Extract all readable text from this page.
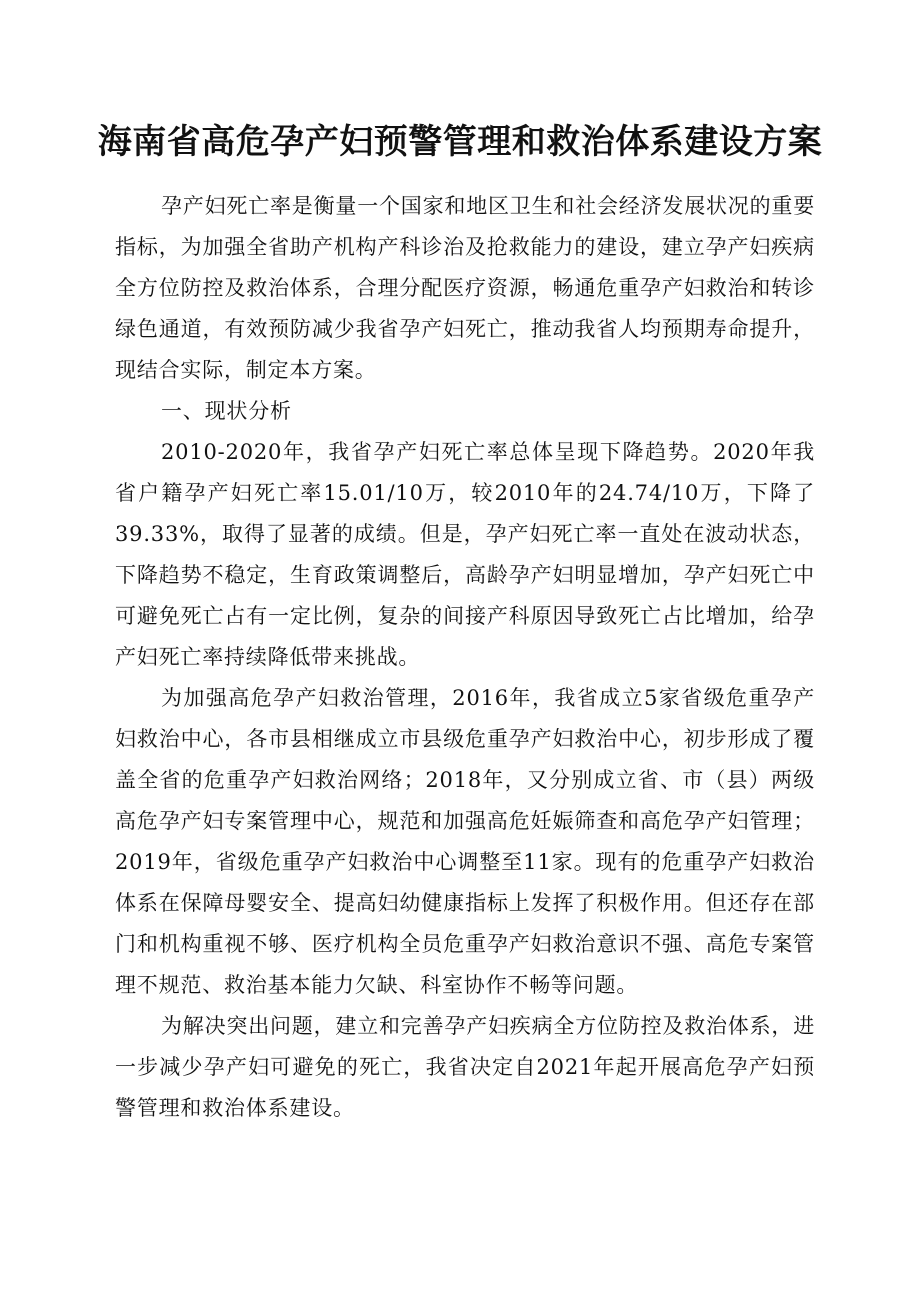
海南省高危孕产妇预警管理和救治体系建设方案

孕产妇死亡率是衡量一个国家和地区卫生和社会经济发展状况的重要指标，为加强全省助产机构产科诊治及抢救能力的建设，建立孕产妇疾病全方位防控及救治体系，合理分配医疗资源，畅通危重孕产妇救治和转诊绿色通道，有效预防减少我省孕产妇死亡，推动我省人均预期寿命提升，现结合实际，制定本方案。

一、现状分析

2010-2020年，我省孕产妇死亡率总体呈现下降趋势。2020年我省户籍孕产妇死亡率15.01/10万，较2010年的24.74/10万，下降了39.33%，取得了显著的成绩。但是，孕产妇死亡率一直处在波动状态，下降趋势不稳定，生育政策调整后，高龄孕产妇明显增加，孕产妇死亡中可避免死亡占有一定比例，复杂的间接产科原因导致死亡占比增加，给孕产妇死亡率持续降低带来挑战。

为加强高危孕产妇救治管理，2016年，我省成立5家省级危重孕产妇救治中心，各市县相继成立市县级危重孕产妇救治中心，初步形成了覆盖全省的危重孕产妇救治网络；2018年，又分别成立省、市（县）两级高危孕产妇专案管理中心，规范和加强高危妊娠筛查和高危孕产妇管理；2019年，省级危重孕产妇救治中心调整至11家。现有的危重孕产妇救治体系在保障母婴安全、提高妇幼健康指标上发挥了积极作用。但还存在部门和机构重视不够、医疗机构全员危重孕产妇救治意识不强、高危专案管理不规范、救治基本能力欠缺、科室协作不畅等问题。

为解决突出问题，建立和完善孕产妇疾病全方位防控及救治体系，进一步减少孕产妇可避免的死亡，我省决定自2021年起开展高危孕产妇预警管理和救治体系建设。
